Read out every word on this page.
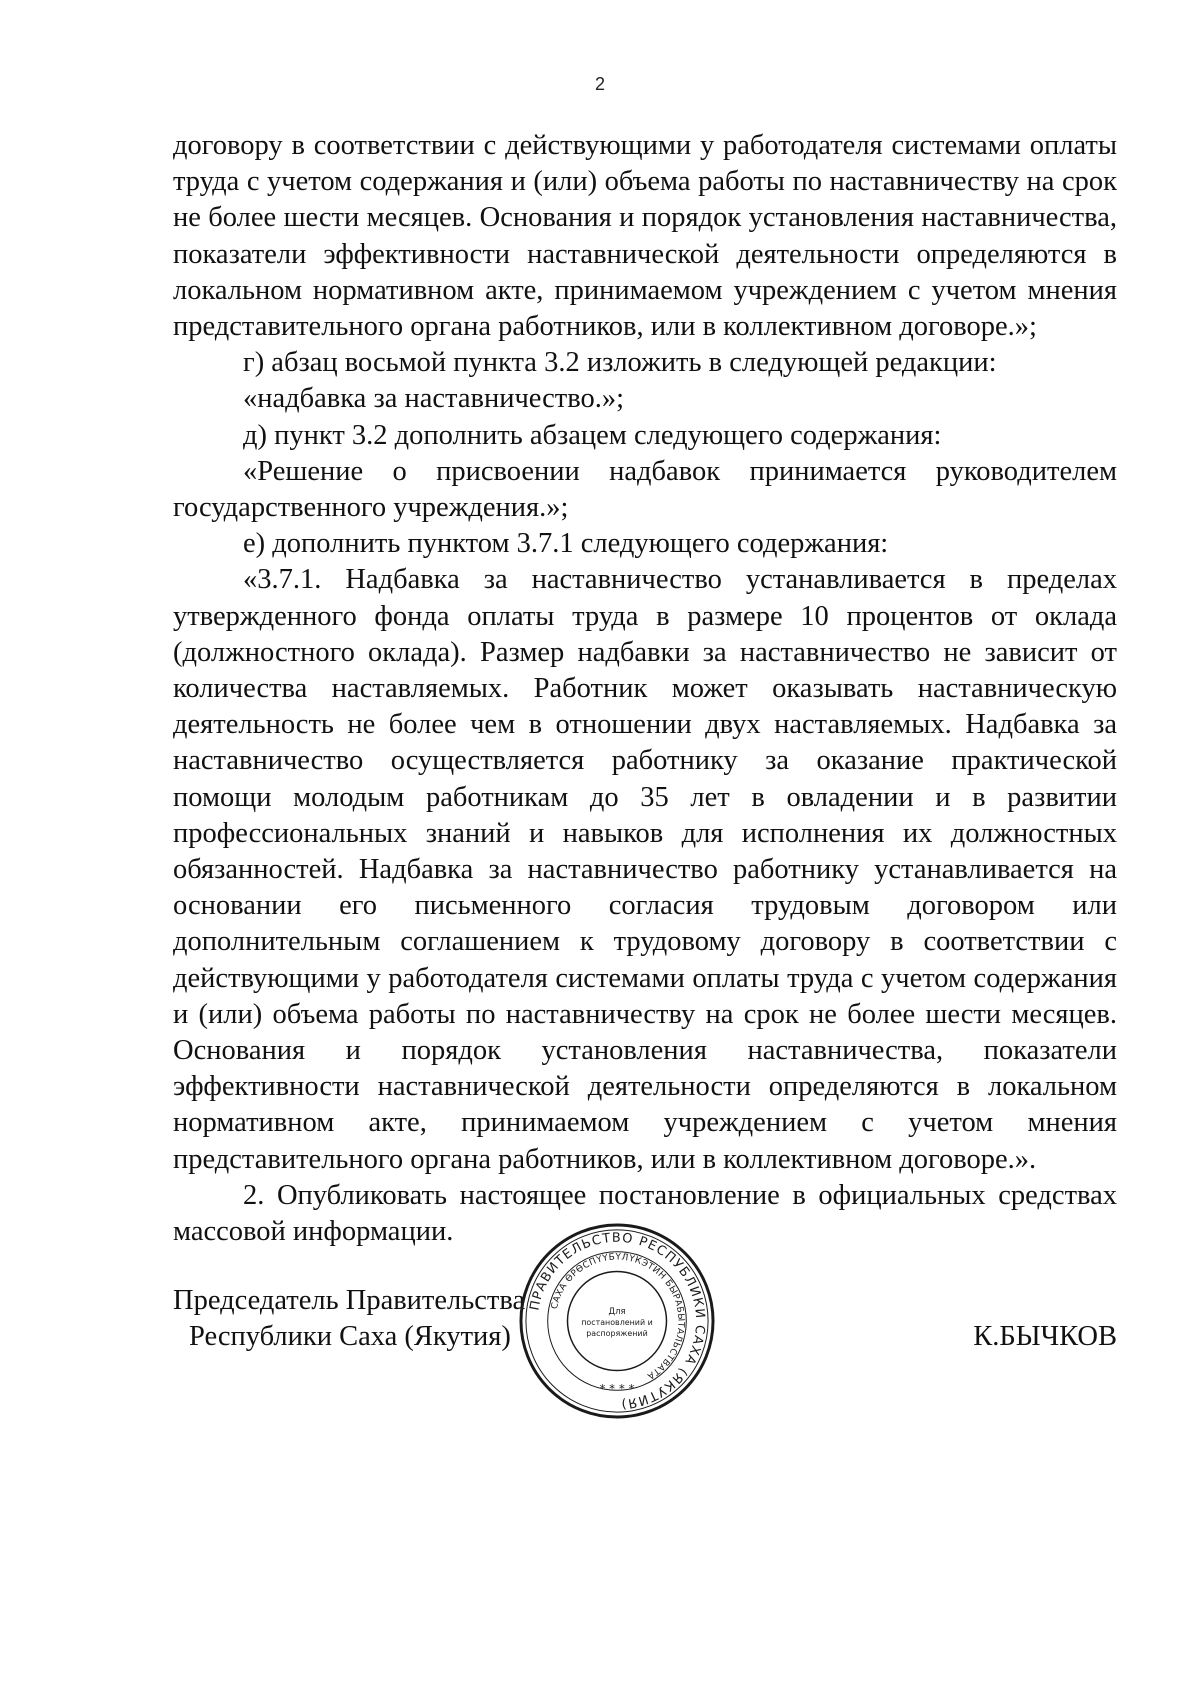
2

договору в соответствии с действующими у работодателя системами оплаты труда с учетом содержания и (или) объема работы по наставничеству на срок не более шести месяцев. Основания и порядок установления наставничества, показатели эффективности наставнической деятельности определяются в локальном нормативном акте, принимаемом учреждением с учетом мнения представительного органа работников, или в коллективном договоре.»;

г) абзац восьмой пункта 3.2 изложить в следующей редакции:

«надбавка за наставничество.»;

д) пункт 3.2 дополнить абзацем следующего содержания:

«Решение о присвоении надбавок принимается руководителем государственного учреждения.»;

е) дополнить пунктом 3.7.1 следующего содержания:

«3.7.1. Надбавка за наставничество устанавливается в пределах утвержденного фонда оплаты труда в размере 10 процентов от оклада (должностного оклада). Размер надбавки за наставничество не зависит от количества наставляемых. Работник может оказывать наставническую деятельность не более чем в отношении двух наставляемых. Надбавка за наставничество осуществляется работнику за оказание практической помощи молодым работникам до 35 лет в овладении и в развитии профессиональных знаний и навыков для исполнения их должностных обязанностей. Надбавка за наставничество работнику устанавливается на основании его письменного согласия трудовым договором или дополнительным соглашением к трудовому договору в соответствии с действующими у работодателя системами оплаты труда с учетом содержания и (или) объема работы по наставничеству на срок не более шести месяцев. Основания и порядок установления наставничества, показатели эффективности наставнической деятельности определяются в локальном нормативном акте, принимаемом учреждением с учетом мнения представительного органа работников, или в коллективном договоре.».

2. Опубликовать настоящее постановление в официальных средствах массовой информации.

Председатель Правительства
Республики Саха (Якутия)	К.БЫЧКОВ
ПРАВИТЕЛЬСТВО РЕСПУБЛИКИ САХА (ЯКУТИЯ)
САХА ӨРӨСПҮҮБҮЛҮКЭТИН БЫРАБЫТАЛЬСТВАТА
* * * *
Для
постановлений и
распоряжений
